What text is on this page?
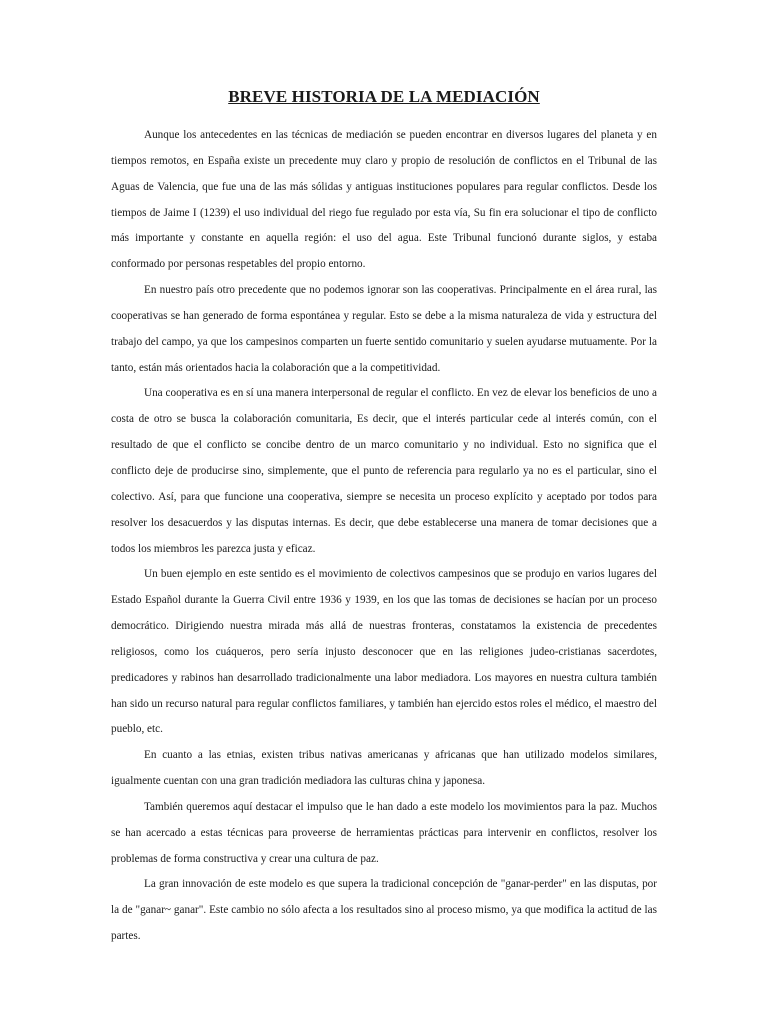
BREVE HISTORIA DE LA MEDIACIÓN

Aunque los antecedentes en las técnicas de mediación se pueden encontrar en diversos lugares del planeta y en tiempos remotos, en España existe un precedente muy claro y propio de resolución de conflictos en el Tribunal de las Aguas de Valencia, que fue una de las más sólidas y antiguas instituciones populares para regular conflictos. Desde los tiempos de Jaime I (1239) el uso individual del riego fue regulado por esta vía, Su fin era solucionar el tipo de conflicto más importante y constante en aquella región: el uso del agua. Este Tribunal funcionó durante siglos, y estaba conformado por personas respetables del propio entorno.

En nuestro país otro precedente que no podemos ignorar son las cooperativas. Principalmente en el área rural, las cooperativas se han generado de forma espontánea y regular. Esto se debe a la misma naturaleza de vida y estructura del trabajo del campo, ya que los campesinos comparten un fuerte sentido comunitario y suelen ayudarse mutuamente. Por la tanto, están más orientados hacia la colaboración que a la competitividad.

Una cooperativa es en sí una manera interpersonal de regular el conflicto. En vez de elevar los beneficios de uno a costa de otro se busca la colaboración comunitaria, Es decir, que el interés particular cede al interés común, con el resultado de que el conflicto se concibe dentro de un marco comunitario y no individual. Esto no significa que el conflicto deje de producirse sino, simplemente, que el punto de referencia para regularlo ya no es el particular, sino el colectivo. Así, para que funcione una cooperativa, siempre se necesita un proceso explícito y aceptado por todos para resolver los desacuerdos y las disputas internas. Es decir, que debe establecerse una manera de tomar decisiones que a todos los miembros les parezca justa y eficaz.

Un buen ejemplo en este sentido es el movimiento de colectivos campesinos que se produjo en varios lugares del Estado Español durante la Guerra Civil entre 1936 y 1939, en los que las tomas de decisiones se hacían por un proceso democrático. Dirigiendo nuestra mirada más allá de nuestras fronteras, constatamos la existencia de precedentes religiosos, como los cuáqueros, pero sería injusto desconocer que en las religiones judeo-cristianas sacerdotes, predicadores y rabinos han desarrollado tradicionalmente una labor mediadora. Los mayores en nuestra cultura también han sido un recurso natural para regular conflictos familiares, y también han ejercido estos roles el médico, el maestro del pueblo, etc.

En cuanto a las etnias, existen tribus nativas americanas y africanas que han utilizado modelos similares, igualmente cuentan con una gran tradición mediadora las culturas china y japonesa.

También queremos aquí destacar el impulso que le han dado a este modelo los movimientos para la paz. Muchos se han acercado a estas técnicas para proveerse de herramientas prácticas para intervenir en conflictos, resolver los problemas de forma constructiva y crear una cultura de paz.

La gran innovación de este modelo es que supera la tradicional concepción de "ganar-perder" en las disputas, por la de "ganar~ ganar". Este cambio no sólo afecta a los resultados sino al proceso mismo, ya que modifica la actitud de las partes.
